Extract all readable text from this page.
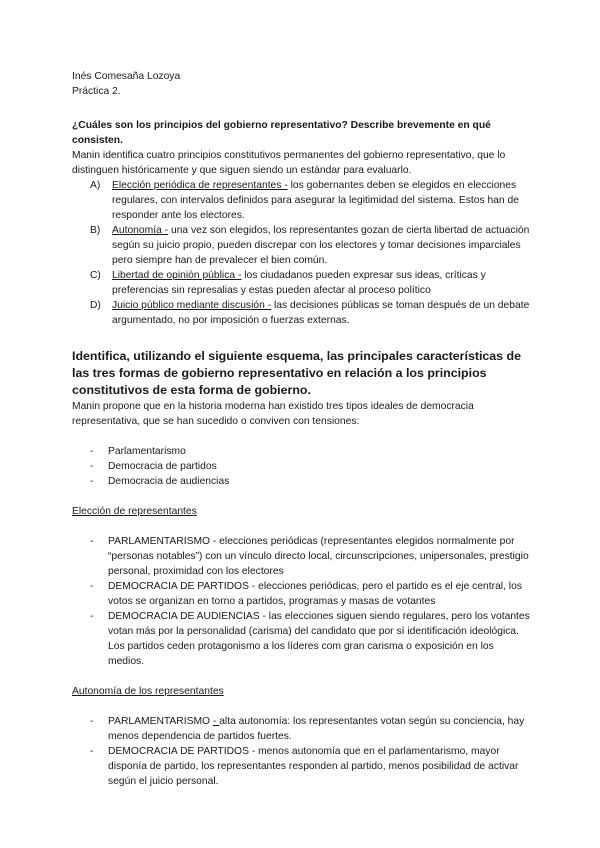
Inés Comesaña Lozoya

Práctica 2.

¿Cuáles son los principios del gobierno representativo? Describe brevemente en qué consisten.

Manin identifica cuatro principios constitutivos permanentes del gobierno representativo, que lo distinguen históricamente y que siguen siendo un estándar para evaluarlo.

A) Elección periódica de representantes - los gobernantes deben se elegidos en elecciones regulares, con intervalos definidos para asegurar la legitimidad del sistema. Estos han de responder ante los electores.
B) Autonomía - una vez son elegidos, los representantes gozan de cierta libertad de actuación según su juicio propio, pueden discrepar con los electores y tomar decisiones imparciales pero siempre han de prevalecer el bien común.
C) Libertad de opinión pública - los ciudadanos pueden expresar sus ideas, críticas y preferencias sin represalias y estas pueden afectar al proceso político
D) Juicio público mediante discusión - las decisiones públicas se toman después de un debate argumentado, no por imposición o fuerzas externas.

Identifica, utilizando el siguiente esquema, las principales características de las tres formas de gobierno representativo en relación a los principios constitutivos de esta forma de gobierno.

Manin propone que en la historia moderna han existido tres tipos ideales de democracia representativa, que se han sucedido o conviven con tensiones:

- Parlamentarismo
- Democracia de partidos
- Democracia de audiencias

Elección de representantes

- PARLAMENTARISMO - elecciones periódicas (representantes elegidos normalmente por “personas notables”) con un vínculo directo local, circunscripciones, unipersonales, prestigio personal, proximidad con los electores
- DEMOCRACIA DE PARTIDOS - elecciones periódicas, pero el partido es el eje central, los votos se organizan en torno a partidos, programas y masas de votantes
- DEMOCRACIA DE AUDIENCIAS - las elecciones siguen siendo regulares, pero los votantes votan más por la personalidad (carisma) del candidato que por sí identificación ideológica. Los partidos ceden protagonismo a los líderes com gran carisma o exposición en los medios.

Autonomía de los representantes

- PARLAMENTARISMO - alta autonomía: los representantes votan según su conciencia, hay menos dependencia de partidos fuertes.
- DEMOCRACIA DE PARTIDOS - menos autonomía que en el parlamentarismo, mayor disponía de partido, los representantes responden al partido, menos posibilidad de activar según el juicio personal.
